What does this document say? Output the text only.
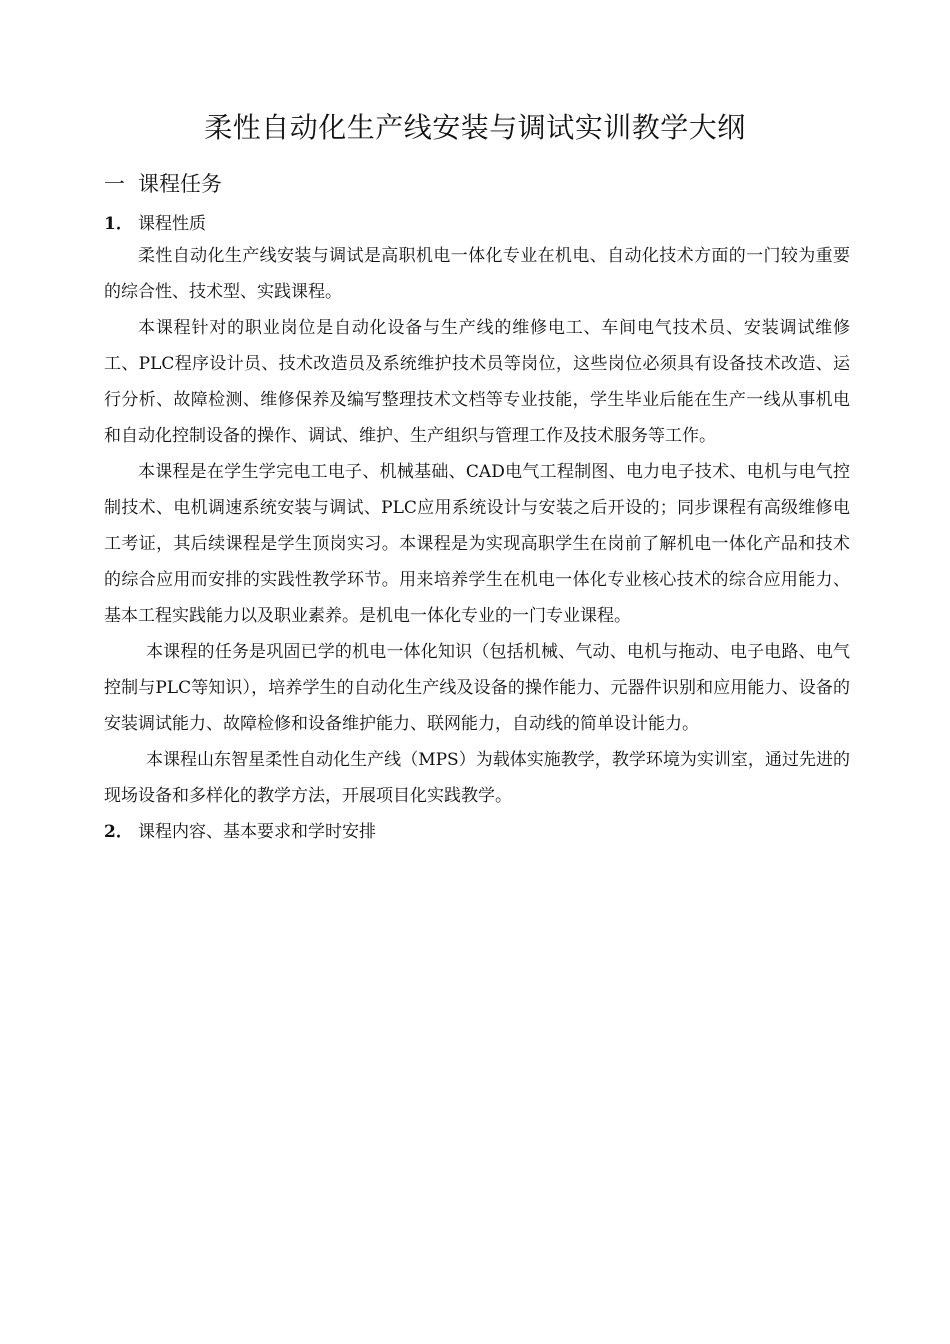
柔性自动化生产线安装与调试实训教学大纲
一 课程任务
1． 课程性质

柔性自动化生产线安装与调试是高职机电一体化专业在机电、自动化技术方面的一门较为重要的综合性、技术型、实践课程。

本课程针对的职业岗位是自动化设备与生产线的维修电工、车间电气技术员、安装调试维修工、PLC程序设计员、技术改造员及系统维护技术员等岗位，这些岗位必须具有设备技术改造、运行分析、故障检测、维修保养及编写整理技术文档等专业技能，学生毕业后能在生产一线从事机电和自动化控制设备的操作、调试、维护、生产组织与管理工作及技术服务等工作。

本课程是在学生学完电工电子、机械基础、CAD电气工程制图、电力电子技术、电机与电气控制技术、电机调速系统安装与调试、PLC应用系统设计与安装之后开设的；同步课程有高级维修电工考证，其后续课程是学生顶岗实习。本课程是为实现高职学生在岗前了解机电一体化产品和技术的综合应用而安排的实践性教学环节。用来培养学生在机电一体化专业核心技术的综合应用能力、基本工程实践能力以及职业素养。是机电一体化专业的一门专业课程。

本课程的任务是巩固已学的机电一体化知识（包括机械、气动、电机与拖动、电子电路、电气控制与PLC等知识），培养学生的自动化生产线及设备的操作能力、元器件识别和应用能力、设备的安装调试能力、故障检修和设备维护能力、联网能力，自动线的简单设计能力。

本课程山东智星柔性自动化生产线（MPS）为载体实施教学，教学环境为实训室，通过先进的现场设备和多样化的教学方法，开展项目化实践教学。

2． 课程内容、基本要求和学时安排
